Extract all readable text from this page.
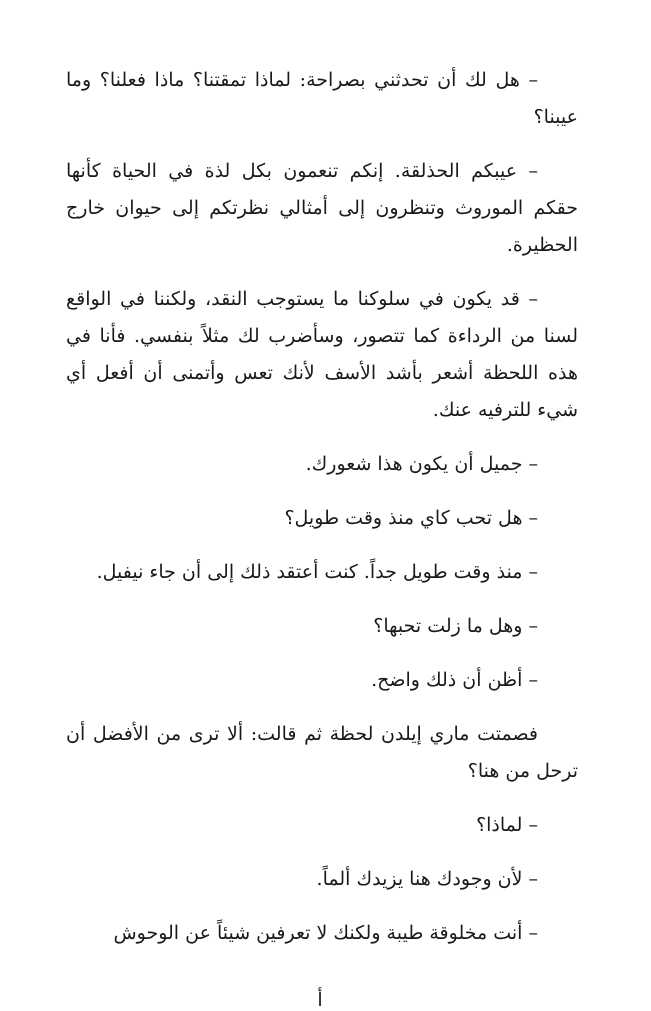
– هل لك أن تحدثني بصراحة: لماذا تمقتنا؟ ماذا فعلنا؟ وما عيبنا؟

– عيبكم الحذلقة. إنكم تنعمون بكل لذة في الحياة كأنها حقكم الموروث وتنظرون إلى أمثالي نظرتكم إلى حيوان خارج الحظيرة.

– قد يكون في سلوكنا ما يستوجب النقد، ولكننا في الواقع لسنا من الرداءة كما تتصور، وسأضرب لك مثلاً بنفسي. فأنا في هذه اللحظة أشعر بأشد الأسف لأنك تعس وأتمنى أن أفعل أي شيء للترفيه عنك.

– جميل أن يكون هذا شعورك.

– هل تحب كاي منذ وقت طويل؟

– منذ وقت طويل جداً. كنت أعتقد ذلك إلى أن جاء نيفيل.

– وهل ما زلت تحبها؟

– أظن أن ذلك واضح.

فصمتت ماري إيلدن لحظة ثم قالت: ألا ترى من الأفضل أن ترحل من هنا؟

– لماذا؟

– لأن وجودك هنا يزيدك ألماً.

– أنت مخلوقة طيبة ولكنك لا تعرفين شيئاً عن الوحوش

أ
